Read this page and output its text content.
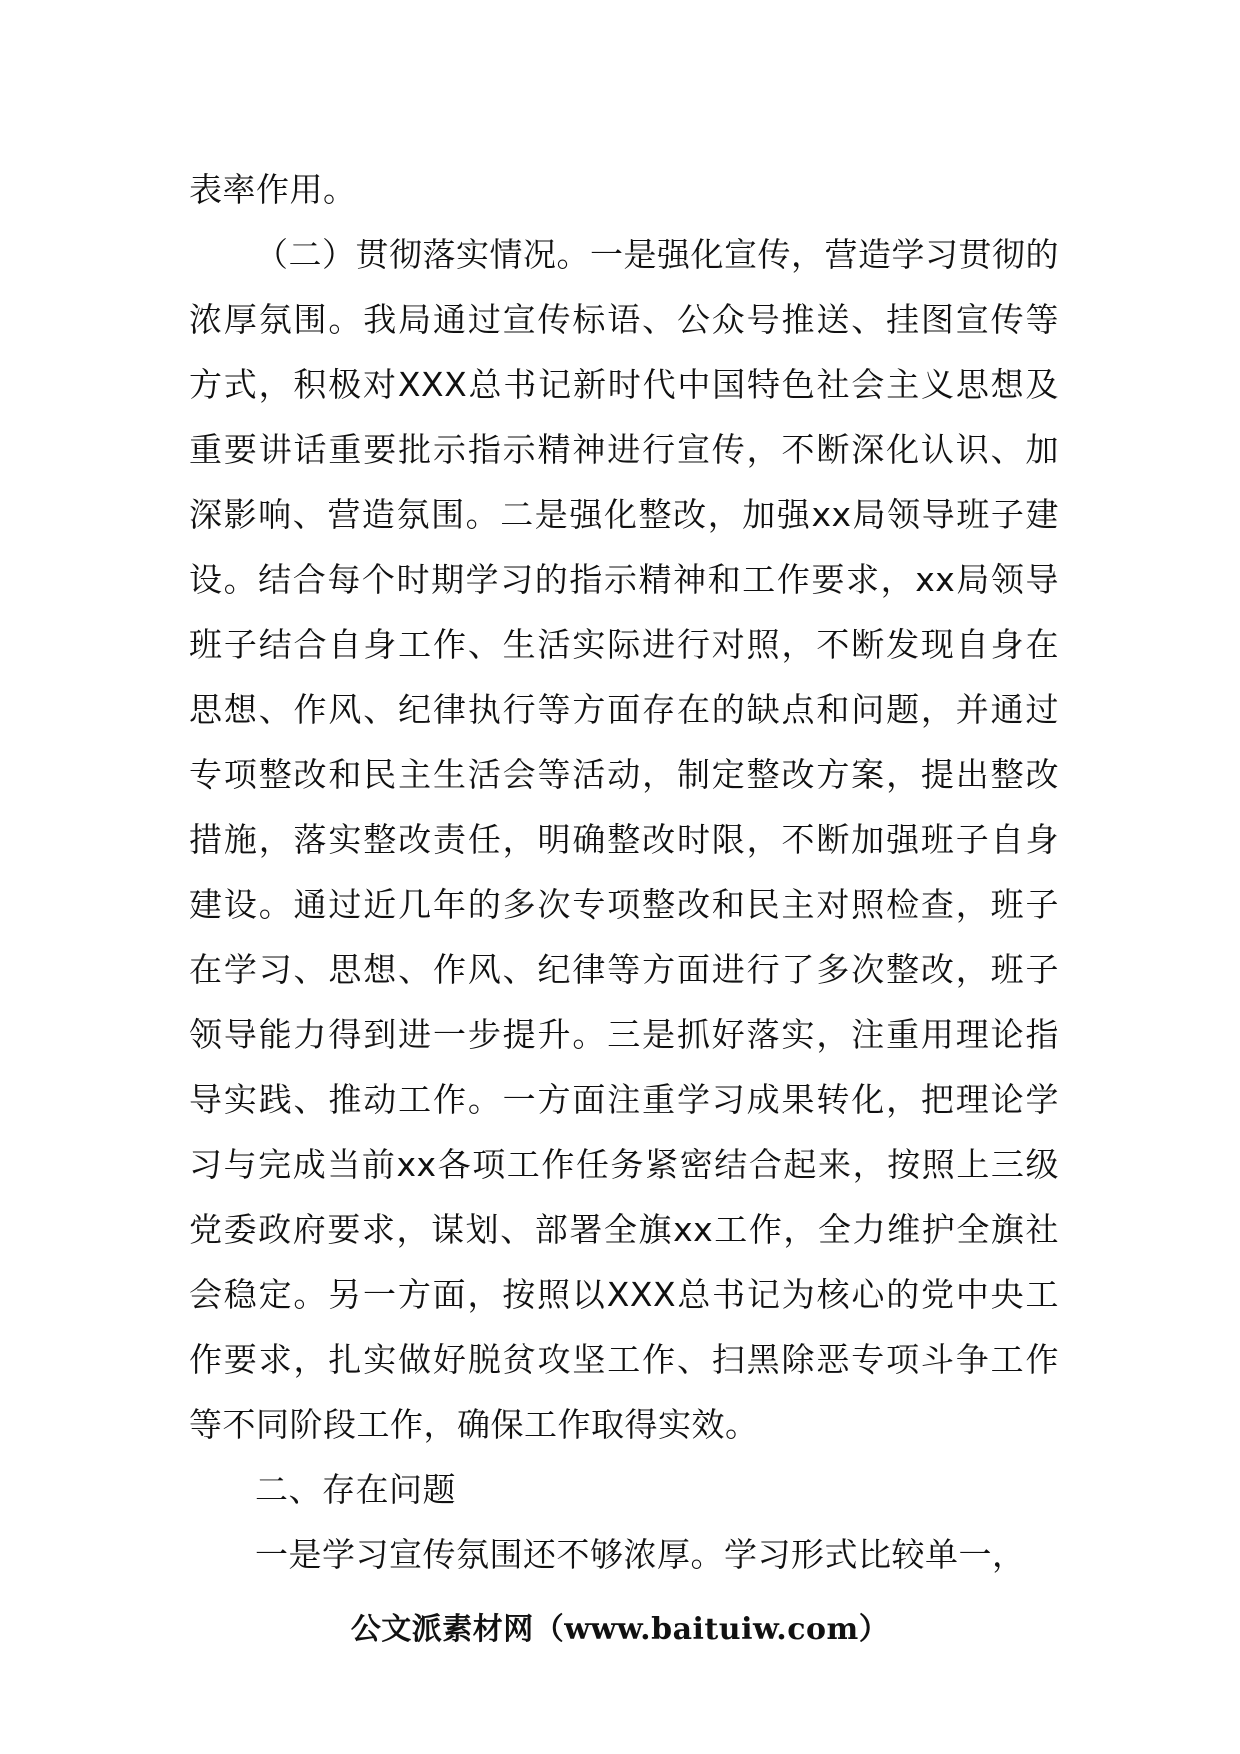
表率作用。

（二）贯彻落实情况。一是强化宣传，营造学习贯彻的浓厚氛围。我局通过宣传标语、公众号推送、挂图宣传等方式，积极对XXX总书记新时代中国特色社会主义思想及重要讲话重要批示指示精神进行宣传，不断深化认识、加深影响、营造氛围。二是强化整改，加强xx局领导班子建设。结合每个时期学习的指示精神和工作要求，xx局领导班子结合自身工作、生活实际进行对照，不断发现自身在思想、作风、纪律执行等方面存在的缺点和问题，并通过专项整改和民主生活会等活动，制定整改方案，提出整改措施，落实整改责任，明确整改时限，不断加强班子自身建设。通过近几年的多次专项整改和民主对照检查，班子在学习、思想、作风、纪律等方面进行了多次整改，班子领导能力得到进一步提升。三是抓好落实，注重用理论指导实践、推动工作。一方面注重学习成果转化，把理论学习与完成当前xx各项工作任务紧密结合起来，按照上三级党委政府要求，谋划、部署全旗xx工作，全力维护全旗社会稳定。另一方面，按照以XXX总书记为核心的党中央工作要求，扎实做好脱贫攻坚工作、扫黑除恶专项斗争工作等不同阶段工作，确保工作取得实效。

二、存在问题

一是学习宣传氛围还不够浓厚。学习形式比较单一，

公文派素材网（www.baituiw.com）
